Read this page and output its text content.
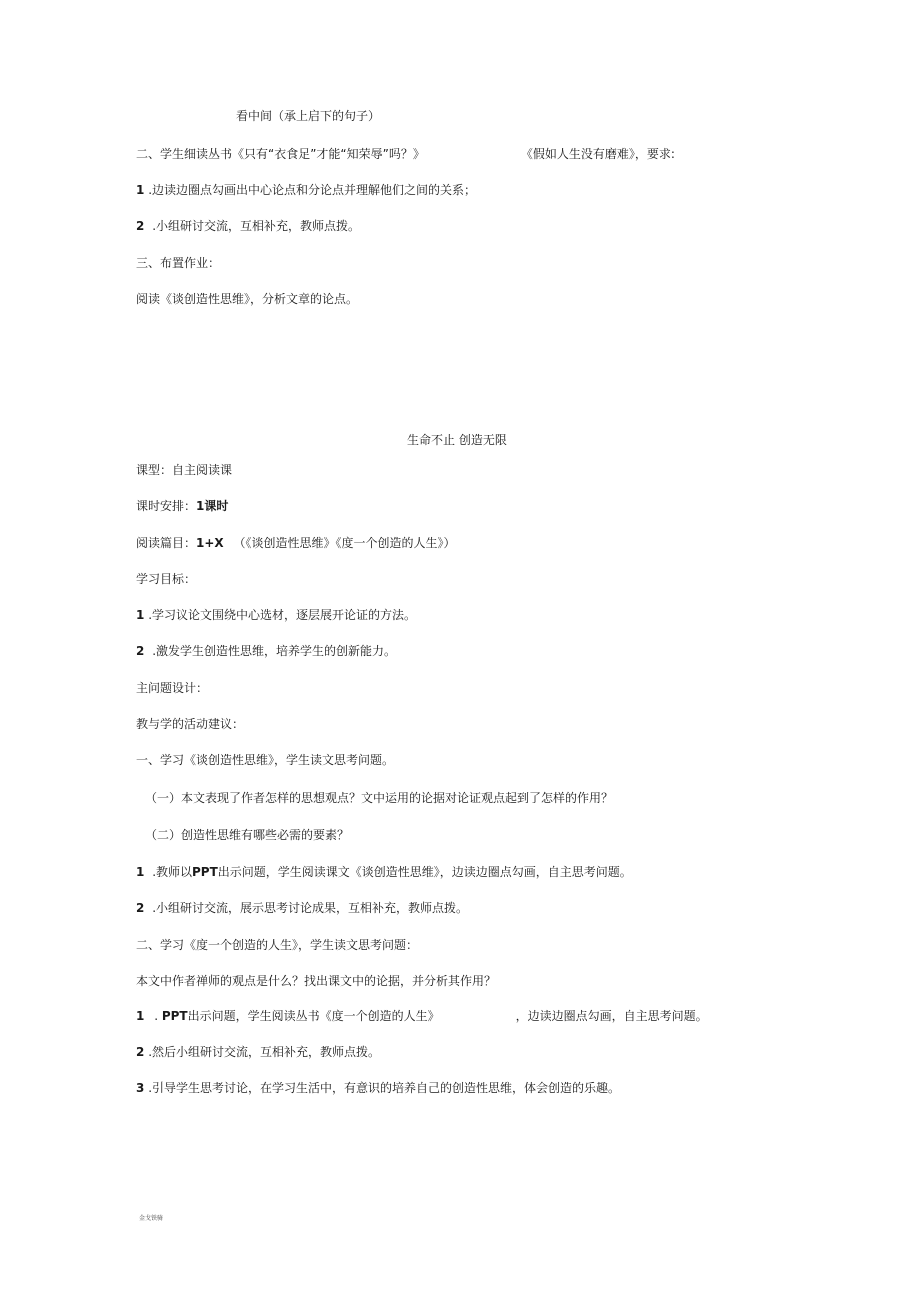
看中间（承上启下的句子）

二、学生细读丛书《只有“衣食足”才能“知荣辱”吗？》	《假如人生没有磨难》，要求:

1 .边读边圈点勾画出中心论点和分论点并理解他们之间的关系；

2 .小组研讨交流，互相补充，教师点拨。

三、布置作业：

阅读《谈创造性思维》，分析文章的论点。

生命不止 创造无限

课型：自主阅读课

课时安排：1课时

阅读篇目：1+X （《谈创造性思维》《度一个创造的人生》）

学习目标：

1 .学习议论文围绕中心选材，逐层展开论证的方法。

2 .激发学生创造性思维，培养学生的创新能力。

主问题设计：

教与学的活动建议：

一、学习《谈创造性思维》，学生读文思考问题。

（一）本文表现了作者怎样的思想观点？文中运用的论据对论证观点起到了怎样的作用？

（二）创造性思维有哪些必需的要素？

1 .教师以PPT出示问题，学生阅读课文《谈创造性思维》，边读边圈点勾画，自主思考问题。

2 .小组研讨交流，展示思考讨论成果，互相补充，教师点拨。

二、学习《度一个创造的人生》，学生读文思考问题：

本文中作者禅师的观点是什么？找出课文中的论据，并分析其作用？

1 . PPT出示问题，学生阅读丛书《度一个创造的人生》	，边读边圈点勾画，自主思考问题。

2 .然后小组研讨交流，互相补充，教师点拨。

3 .引导学生思考讨论，在学习生活中，有意识的培养自己的创造性思维，体会创造的乐趣。

金戈铁骑
